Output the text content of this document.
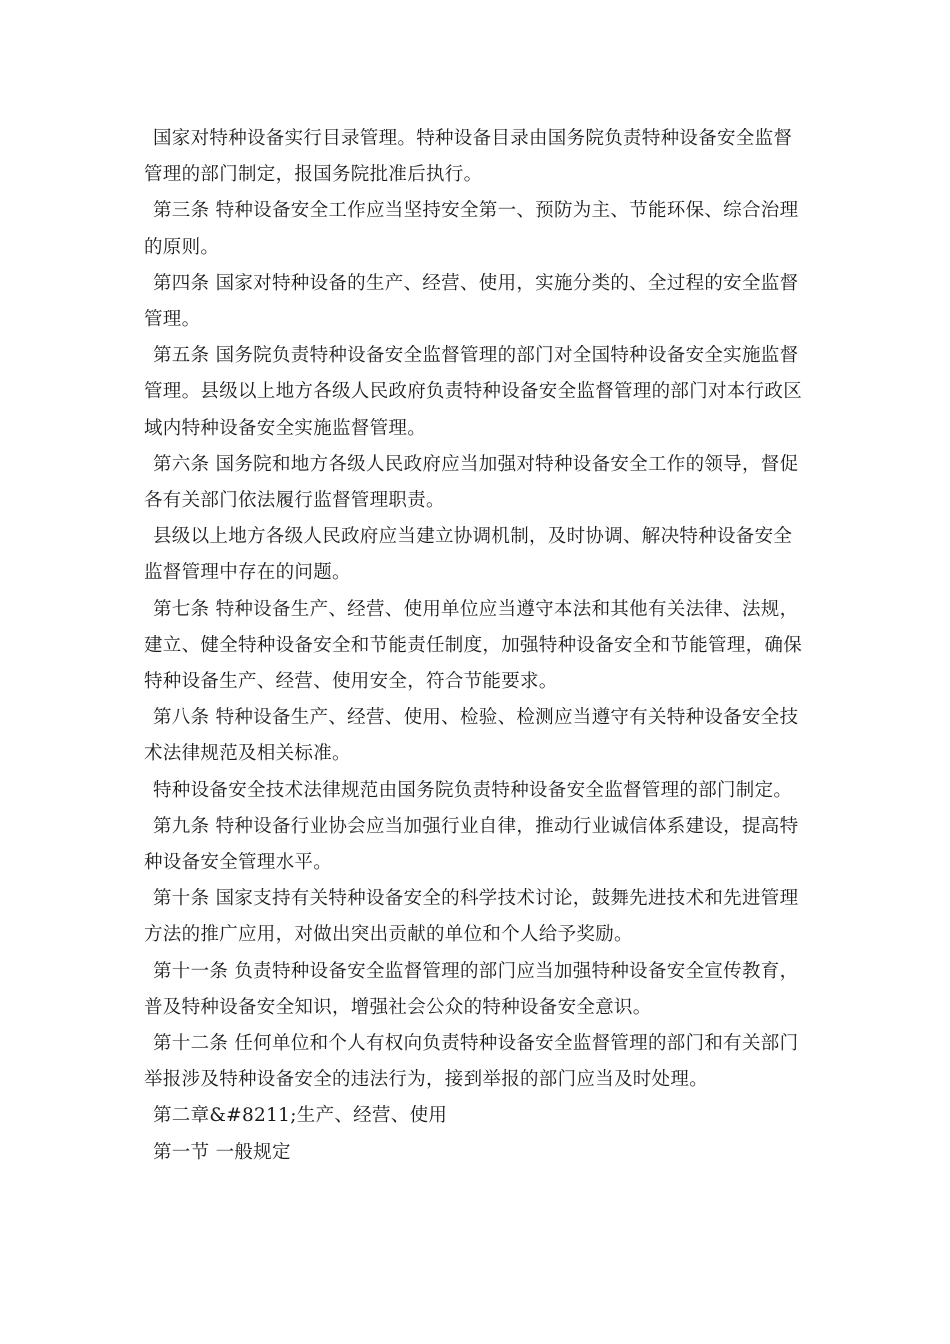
国家对特种设备实行目录管理。特种设备目录由国务院负责特种设备安全监督管理的部门制定，报国务院批准后执行。

第三条 特种设备安全工作应当坚持安全第一、预防为主、节能环保、综合治理的原则。

第四条 国家对特种设备的生产、经营、使用，实施分类的、全过程的安全监督管理。

第五条 国务院负责特种设备安全监督管理的部门对全国特种设备安全实施监督管理。县级以上地方各级人民政府负责特种设备安全监督管理的部门对本行政区域内特种设备安全实施监督管理。

第六条 国务院和地方各级人民政府应当加强对特种设备安全工作的领导，督促各有关部门依法履行监督管理职责。

县级以上地方各级人民政府应当建立协调机制，及时协调、解决特种设备安全监督管理中存在的问题。

第七条 特种设备生产、经营、使用单位应当遵守本法和其他有关法律、法规，建立、健全特种设备安全和节能责任制度，加强特种设备安全和节能管理，确保特种设备生产、经营、使用安全，符合节能要求。

第八条 特种设备生产、经营、使用、检验、检测应当遵守有关特种设备安全技术法律规范及相关标准。

特种设备安全技术法律规范由国务院负责特种设备安全监督管理的部门制定。

第九条 特种设备行业协会应当加强行业自律，推动行业诚信体系建设，提高特种设备安全管理水平。

第十条 国家支持有关特种设备安全的科学技术讨论，鼓舞先进技术和先进管理方法的推广应用，对做出突出贡献的单位和个人给予奖励。

第十一条 负责特种设备安全监督管理的部门应当加强特种设备安全宣传教育，普及特种设备安全知识，增强社会公众的特种设备安全意识。

第十二条 任何单位和个人有权向负责特种设备安全监督管理的部门和有关部门举报涉及特种设备安全的违法行为，接到举报的部门应当及时处理。

第二章&#8211;生产、经营、使用

第一节 一般规定
